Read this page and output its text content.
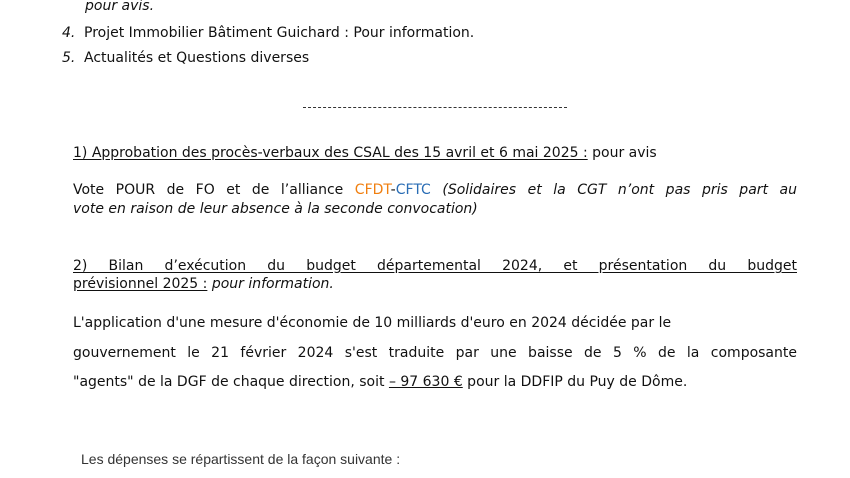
pour avis.
4. Projet Immobilier Bâtiment Guichard : Pour information.
5. Actualités et Questions diverses
1) Approbation des procès-verbaux des CSAL des 15 avril et 6 mai 2025 : pour avis
Vote POUR de FO et de l’alliance CFDT-CFTC (Solidaires et la CGT n’ont pas pris part au
vote en raison de leur absence à la seconde convocation)
2) Bilan d’exécution du budget départemental 2024, et présentation du budget
prévisionnel 2025 : pour information.
L'application d'une mesure d'économie de 10 milliards d'euro en 2024 décidée par le
gouvernement le 21 février 2024 s'est traduite par une baisse de 5 % de la composante
"agents" de la DGF de chaque direction, soit – 97 630 € pour la DDFIP du Puy de Dôme.
Les dépenses se répartissent de la façon suivante :
